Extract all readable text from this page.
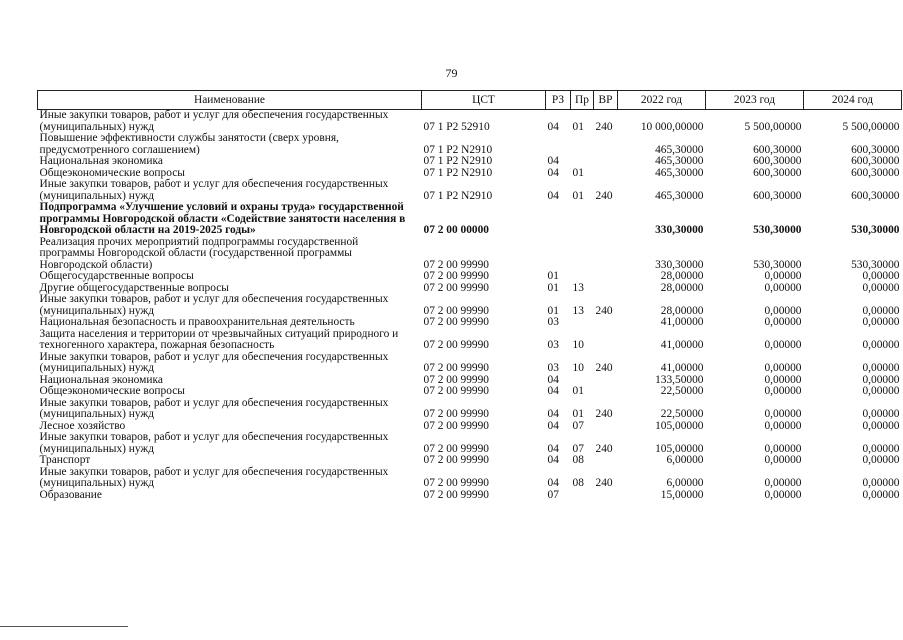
79
Наименование	ЦСТ	РЗ	Пр	ВР	2022 год	2023 год	2024 год
Иные закупки товаров, работ и услуг для обеспечения государственных (муниципальных) нужд	07 1 P2 52910	04	01	240	10 000,00000	5 500,00000	5 500,00000
Повышение эффективности службы занятости (сверх уровня, предусмотренного соглашением)	07 1 P2 N2910				465,30000	600,30000	600,30000
Национальная экономика	07 1 P2 N2910	04			465,30000	600,30000	600,30000
Общеэкономические вопросы	07 1 P2 N2910	04	01		465,30000	600,30000	600,30000
Иные закупки товаров, работ и услуг для обеспечения государственных (муниципальных) нужд	07 1 P2 N2910	04	01	240	465,30000	600,30000	600,30000
Подпрограмма «Улучшение условий и охраны труда» государственной программы Новгородской области «Содействие занятости населения в Новгородской области на 2019-2025 годы»	07 2 00 00000				330,30000	530,30000	530,30000
Реализация прочих мероприятий подпрограммы государственной программы Новгородской области (государственной программы Новгородской области)	07 2 00 99990				330,30000	530,30000	530,30000
Общегосударственные вопросы	07 2 00 99990	01			28,00000	0,00000	0,00000
Другие общегосударственные вопросы	07 2 00 99990	01	13		28,00000	0,00000	0,00000
Иные закупки товаров, работ и услуг для обеспечения государственных (муниципальных) нужд	07 2 00 99990	01	13	240	28,00000	0,00000	0,00000
Национальная безопасность и правоохранительная деятельность	07 2 00 99990	03			41,00000	0,00000	0,00000
Защита населения и территории от чрезвычайных ситуаций природного и техногенного характера, пожарная безопасность	07 2 00 99990	03	10		41,00000	0,00000	0,00000
Иные закупки товаров, работ и услуг для обеспечения государственных (муниципальных) нужд	07 2 00 99990	03	10	240	41,00000	0,00000	0,00000
Национальная экономика	07 2 00 99990	04			133,50000	0,00000	0,00000
Общеэкономические вопросы	07 2 00 99990	04	01		22,50000	0,00000	0,00000
Иные закупки товаров, работ и услуг для обеспечения государственных (муниципальных) нужд	07 2 00 99990	04	01	240	22,50000	0,00000	0,00000
Лесное хозяйство	07 2 00 99990	04	07		105,00000	0,00000	0,00000
Иные закупки товаров, работ и услуг для обеспечения государственных (муниципальных) нужд	07 2 00 99990	04	07	240	105,00000	0,00000	0,00000
Транспорт	07 2 00 99990	04	08		6,00000	0,00000	0,00000
Иные закупки товаров, работ и услуг для обеспечения государственных (муниципальных) нужд	07 2 00 99990	04	08	240	6,00000	0,00000	0,00000
Образование	07 2 00 99990	07			15,00000	0,00000	0,00000
